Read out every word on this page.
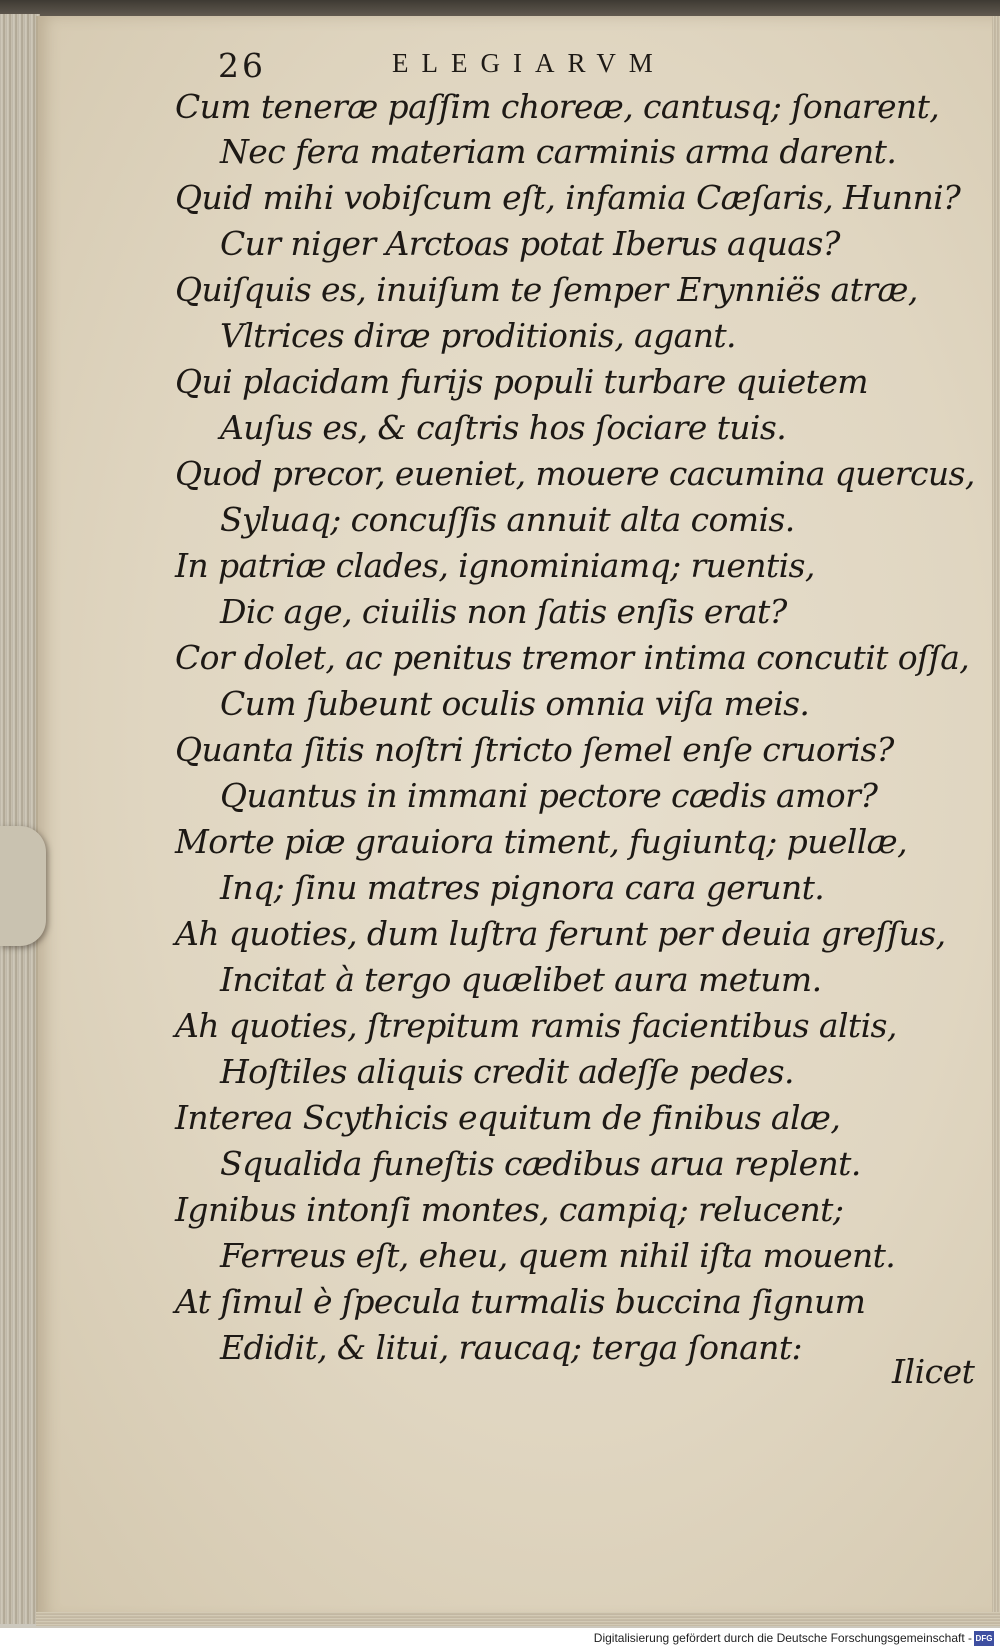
26	ELEGIARVM
Cum teneræ paſſim choreæ, cantusq; ſonarent,
Nec fera materiam carminis arma darent.
Quid mihi vobiſcum eſt, infamia Cæſaris, Hunni?
Cur niger Arctoas potat Iberus aquas?
Quiſquis es, inuiſum te ſemper Erynniës atræ,
Vltrices diræ proditionis, agant.
Qui placidam furijs populi turbare quietem
Auſus es, & caſtris hos ſociare tuis.
Quod precor, eueniet, mouere cacumina quercus,
Syluaq; concuſſis annuit alta comis.
In patriæ clades, ignominiamq; ruentis,
Dic age, ciuilis non ſatis enſis erat?
Cor dolet, ac penitus tremor intima concutit oſſa,
Cum ſubeunt oculis omnia viſa meis.
Quanta ſitis noſtri ſtricto ſemel enſe cruoris?
Quantus in immani pectore cædis amor?
Morte piæ grauiora timent, fugiuntq; puellæ,
Inq; ſinu matres pignora cara gerunt.
Ah quoties, dum luſtra ferunt per deuia greſſus,
Incitat à tergo quælibet aura metum.
Ah quoties, ſtrepitum ramis facientibus altis,
Hoſtiles aliquis credit adeſſe pedes.
Interea Scythicis equitum de finibus alæ,
Squalida funeſtis cædibus arua replent.
Ignibus intonſi montes, campiq; relucent;
Ferreus eſt, eheu, quem nihil iſta mouent.
At ſimul è ſpecula turmalis buccina ſignum
Edidit, & litui, raucaq; terga ſonant:
Ilicet
Digitalisierung gefördert durch die Deutsche Forschungsgemeinschaft - DFG
